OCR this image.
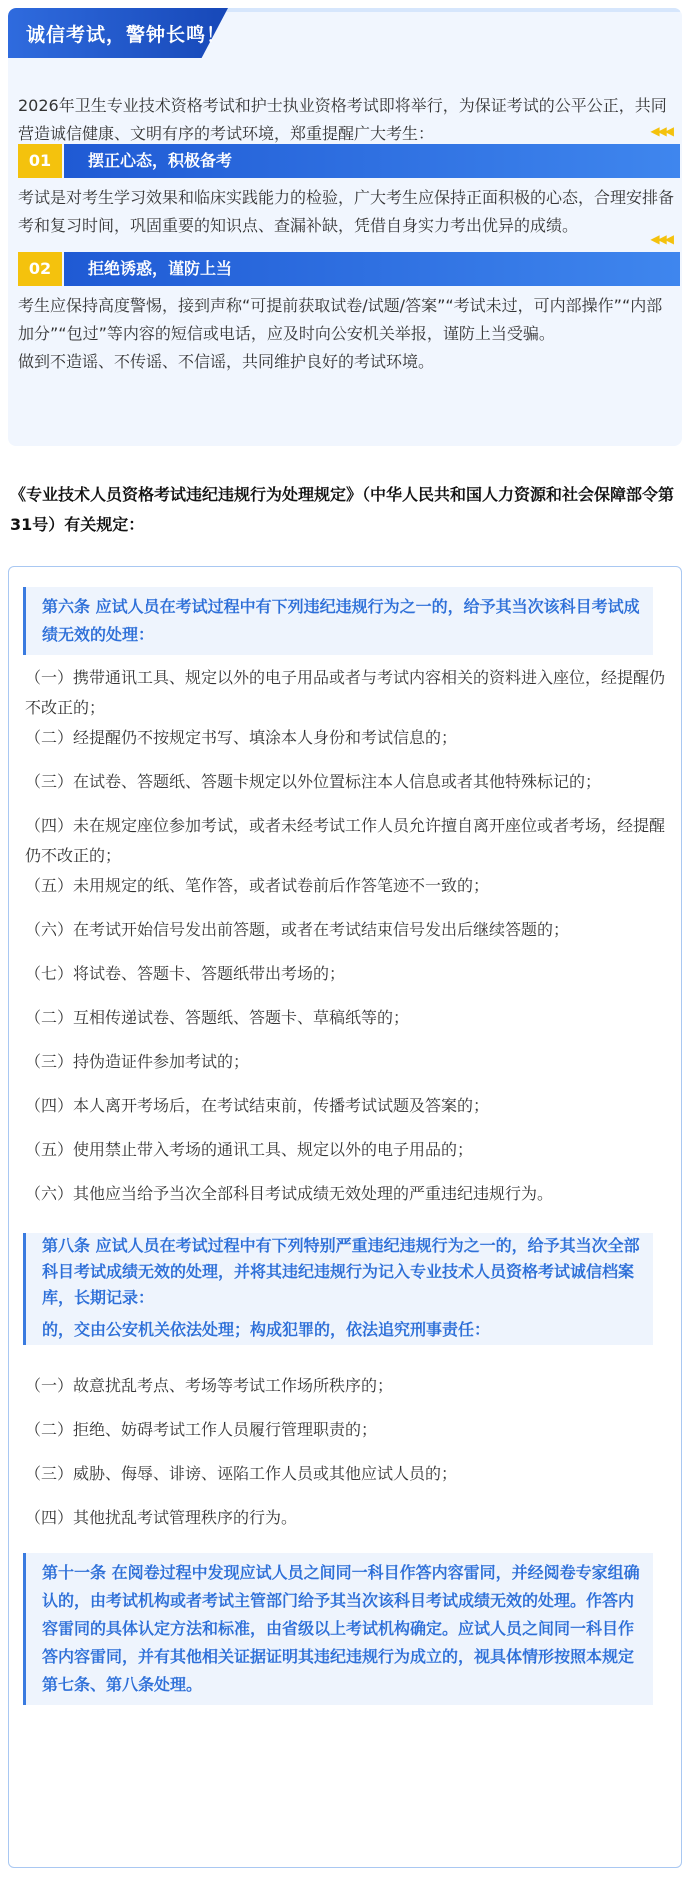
诚信考试，警钟长鸣！
2026年卫生专业技术资格考试和护士执业资格考试即将举行，为保证考试的公平公正，共同营造诚信健康、文明有序的考试环境，郑重提醒广大考生：	◀◀◀
01	摆正心态，积极备考
考试是对考生学习效果和临床实践能力的检验，广大考生应保持正面积极的心态，合理安排备考和复习时间，巩固重要的知识点、查漏补缺，凭借自身实力考出优异的成绩。
◀◀◀
02	拒绝诱惑，谨防上当
考生应保持高度警惕，接到声称“可提前获取试卷/试题/答案”“考试未过，可内部操作”“内部加分”“包过”等内容的短信或电话，应及时向公安机关举报，谨防上当受骗。
做到不造谣、不传谣、不信谣，共同维护良好的考试环境。
《专业技术人员资格考试违纪违规行为处理规定》（中华人民共和国人力资源和社会保障部令第31号）有关规定：
第六条 应试人员在考试过程中有下列违纪违规行为之一的，给予其当次该科目考试成绩无效的处理：
（一）携带通讯工具、规定以外的电子用品或者与考试内容相关的资料进入座位，经提醒仍不改正的；
（二）经提醒仍不按规定书写、填涂本人身份和考试信息的；
（三）在试卷、答题纸、答题卡规定以外位置标注本人信息或者其他特殊标记的；
（四）未在规定座位参加考试，或者未经考试工作人员允许擅自离开座位或者考场，经提醒仍不改正的；
（五）未用规定的纸、笔作答，或者试卷前后作答笔迹不一致的；
（六）在考试开始信号发出前答题，或者在考试结束信号发出后继续答题的；
（七）将试卷、答题卡、答题纸带出考场的；
（二）互相传递试卷、答题纸、答题卡、草稿纸等的；
（三）持伪造证件参加考试的；
（四）本人离开考场后，在考试结束前，传播考试试题及答案的；
（五）使用禁止带入考场的通讯工具、规定以外的电子用品的；
（六）其他应当给予当次全部科目考试成绩无效处理的严重违纪违规行为。
第八条 应试人员在考试过程中有下列特别严重违纪违规行为之一的，给予其当次全部科目考试成绩无效的处理，并将其违纪违规行为记入专业技术人员资格考试诚信档案库，长期记录：
的，交由公安机关依法处理；构成犯罪的，依法追究刑事责任：
（一）故意扰乱考点、考场等考试工作场所秩序的；
（二）拒绝、妨碍考试工作人员履行管理职责的；
（三）威胁、侮辱、诽谤、诬陷工作人员或其他应试人员的；
（四）其他扰乱考试管理秩序的行为。
第十一条 在阅卷过程中发现应试人员之间同一科目作答内容雷同，并经阅卷专家组确认的，由考试机构或者考试主管部门给予其当次该科目考试成绩无效的处理。作答内容雷同的具体认定方法和标准，由省级以上考试机构确定。应试人员之间同一科目作答内容雷同，并有其他相关证据证明其违纪违规行为成立的，视具体情形按照本规定第七条、第八条处理。
